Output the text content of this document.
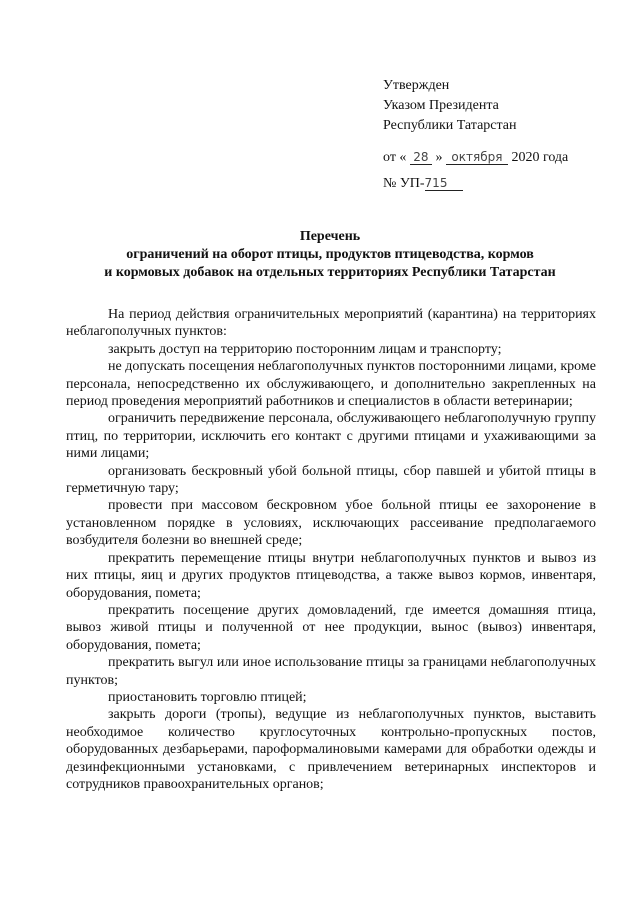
Утвержден
Указом Президента
Республики Татарстан
от « 28 » октября 2020 года
№ УП-715
Перечень
ограничений на оборот птицы, продуктов птицеводства, кормов
и кормовых добавок на отдельных территориях Республики Татарстан

На период действия ограничительных мероприятий (карантина) на территориях неблагополучных пунктов:

закрыть доступ на территорию посторонним лицам и транспорту;

не допускать посещения неблагополучных пунктов посторонними лицами, кроме персонала, непосредственно их обслуживающего, и дополнительно закрепленных на период проведения мероприятий работников и специалистов в области ветеринарии;

ограничить передвижение персонала, обслуживающего неблагополучную группу птиц, по территории, исключить его контакт с другими птицами и ухаживающими за ними лицами;

организовать бескровный убой больной птицы, сбор павшей и убитой птицы в герметичную тару;

провести при массовом бескровном убое больной птицы ее захоронение в установленном порядке в условиях, исключающих рассеивание предполагаемого возбудителя болезни во внешней среде;

прекратить перемещение птицы внутри неблагополучных пунктов и вывоз из них птицы, яиц и других продуктов птицеводства, а также вывоз кормов, инвентаря, оборудования, помета;

прекратить посещение других домовладений, где имеется домашняя птица, вывоз живой птицы и полученной от нее продукции, вынос (вывоз) инвентаря, оборудования, помета;

прекратить выгул или иное использование птицы за границами неблагополучных пунктов;

приостановить торговлю птицей;

закрыть дороги (тропы), ведущие из неблагополучных пунктов, выставить необходимое количество круглосуточных контрольно-пропускных постов, оборудованных дезбарьерами, пароформалиновыми камерами для обработки одежды и дезинфекционными установками, с привлечением ветеринарных инспекторов и сотрудников правоохранительных органов;
